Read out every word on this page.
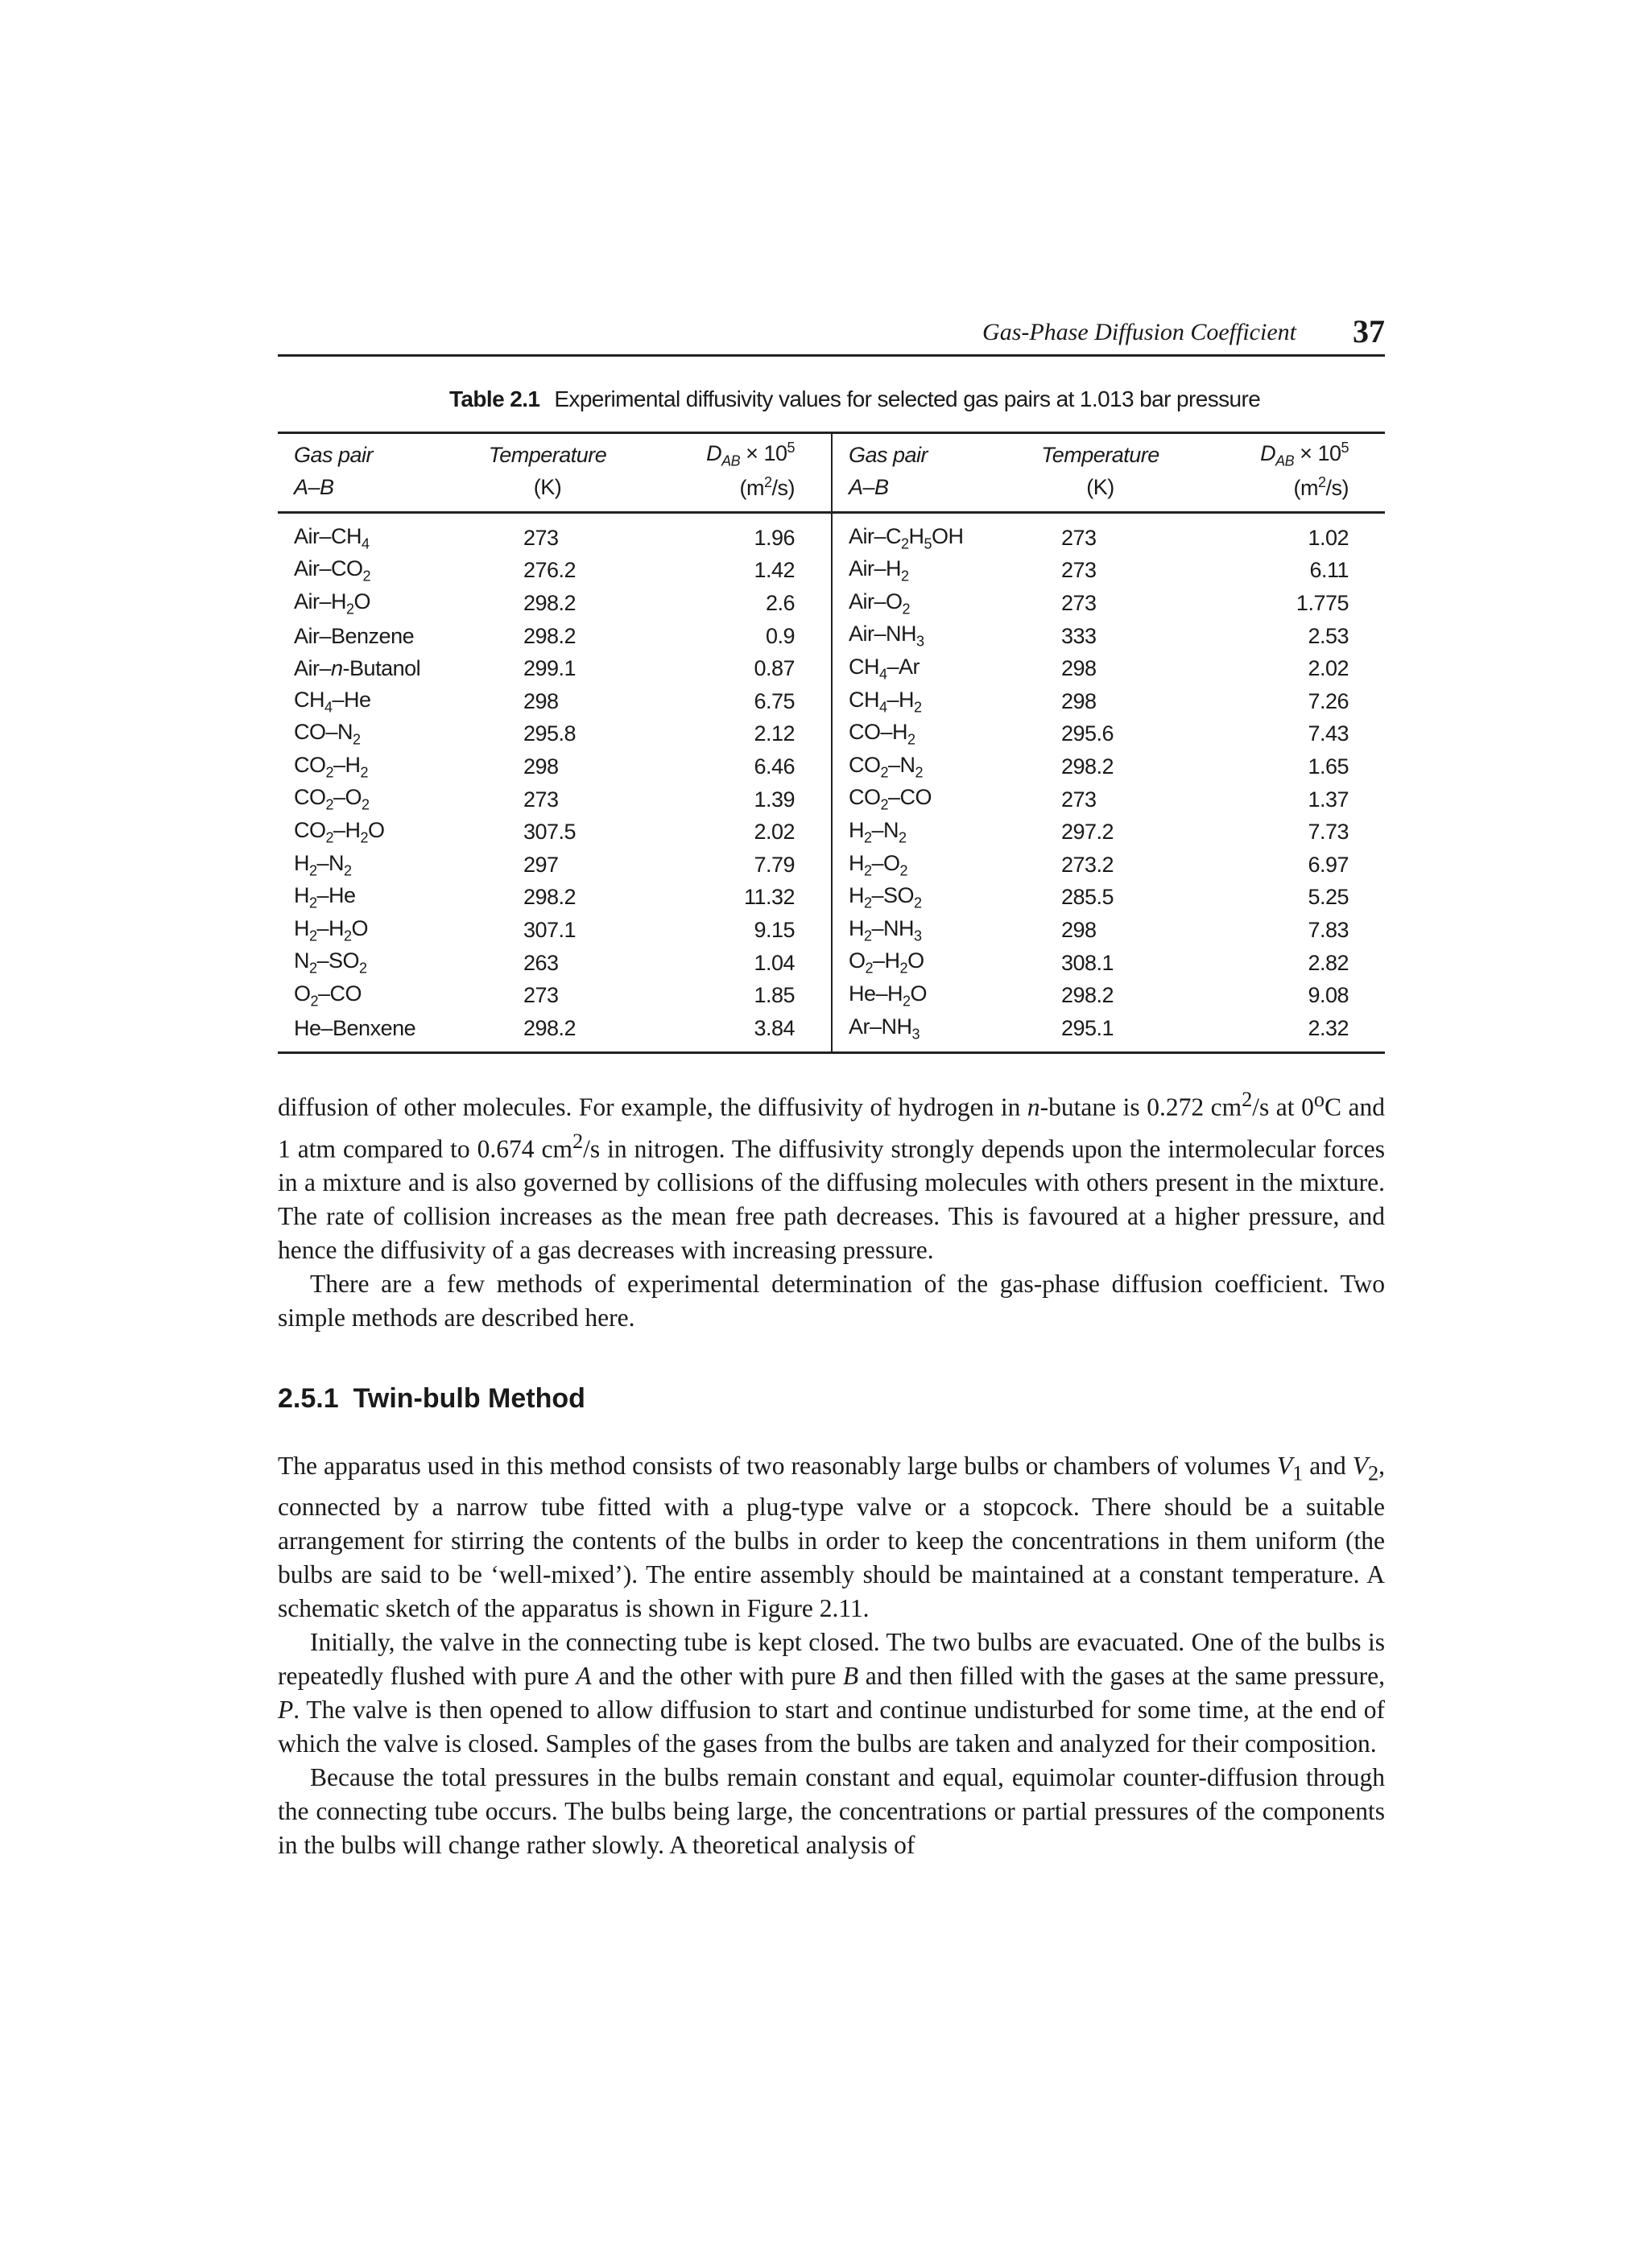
Gas-Phase Diffusion Coefficient 37
Table 2.1 Experimental diffusivity values for selected gas pairs at 1.013 bar pressure
Gas pair	Temperature	$D_{AB} \times 10^5$	Gas pair	Temperature	$D_{AB} \times 10^5$
A–B	(K)	$(m^2/s)$	A–B	(K)	$(m^2/s)$
Air–$CH_4$	273	1.96	Air–$C_2H_5OH$	273	1.02
Air–$CO_2$	276.2	1.42	Air–$H_2$	273	6.11
Air–$H_2O$	298.2	2.6	Air–$O_2$	273	1.775
Air–Benzene	298.2	0.9	Air–$NH_3$	333	2.53
Air–n-Butanol	299.1	0.87	$CH_4-Ar$	298	2.02
$CH_4-He$	298	6.75	$CH_4-H_2$	298	7.26
$CO-N_2$	295.8	2.12	$CO-H_2$	295.6	7.43
$CO_2-H_2$	298	6.46	$CO_2-N_2$	298.2	1.65
$CO_2-O_2$	273	1.39	$CO_2-CO$	273	1.37
$CO_2-H_2O$	307.5	2.02	$H_2-N_2$	297.2	7.73
$H_2-N_2$	297	7.79	$H_2-O_2$	273.2	6.97
$H_2-He$	298.2	11.32	$H_2-SO_2$	285.5	5.25
$H_2-H_2O$	307.1	9.15	$H_2-NH_3$	298	7.83
$N_2-SO_2$	263	1.04	$O_2-H_2O$	308.1	2.82
$O_2-CO$	273	1.85	$He-H_2O$	298.2	9.08
He–Benxene	298.2	3.84	$Ar-NH_3$	295.1	2.32

diffusion of other molecules. For example, the diffusivity of hydrogen in n-butane is 0.272 $cm^2/s$ at 0$^o$C and 1 atm compared to 0.674 $cm^2/s$ in nitrogen. The diffusivity strongly depends upon the intermolecular forces in a mixture and is also governed by collisions of the diffusing molecules with others present in the mixture. The rate of collision increases as the mean free path decreases. This is favoured at a higher pressure, and hence the diffusivity of a gas decreases with increasing pressure.

There are a few methods of experimental determination of the gas-phase diffusion coefficient. Two simple methods are described here.

2.5.1 Twin-bulb Method

The apparatus used in this method consists of two reasonably large bulbs or chambers of volumes $V_1$ and $V_2$, connected by a narrow tube fitted with a plug-type valve or a stopcock. There should be a suitable arrangement for stirring the contents of the bulbs in order to keep the concentrations in them uniform (the bulbs are said to be ‘well-mixed’). The entire assembly should be maintained at a constant temperature. A schematic sketch of the apparatus is shown in Figure 2.11.

Initially, the valve in the connecting tube is kept closed. The two bulbs are evacuated. One of the bulbs is repeatedly flushed with pure A and the other with pure B and then filled with the gases at the same pressure, P. The valve is then opened to allow diffusion to start and continue undisturbed for some time, at the end of which the valve is closed. Samples of the gases from the bulbs are taken and analyzed for their composition.

Because the total pressures in the bulbs remain constant and equal, equimolar counter-diffusion through the connecting tube occurs. The bulbs being large, the concentrations or partial pressures of the components in the bulbs will change rather slowly. A theoretical analysis of
